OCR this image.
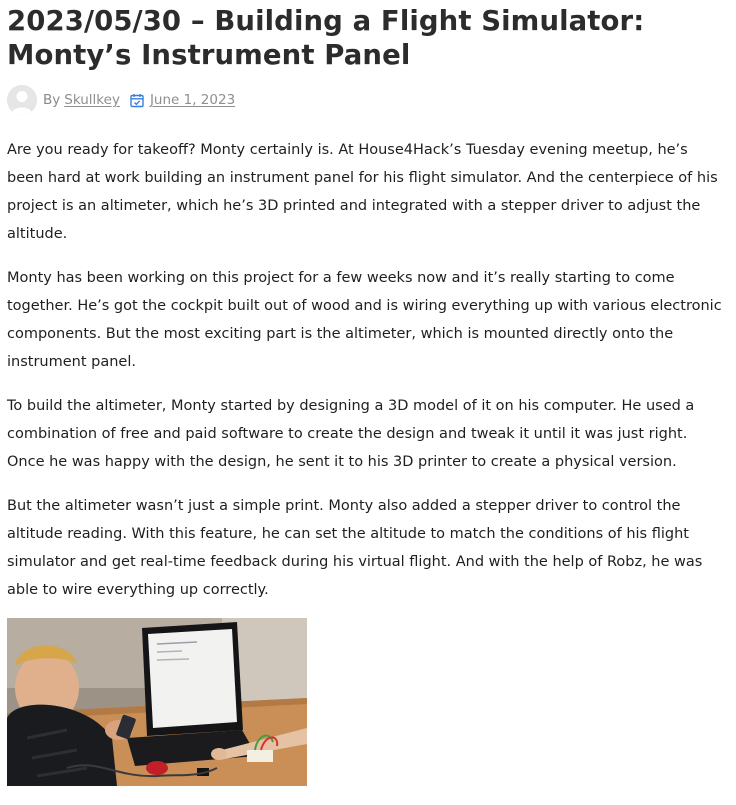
2023/05/30 – Building a Flight Simulator: Monty’s Instrument Panel
By Skullkey June 1, 2023

Are you ready for takeoff? Monty certainly is. At House4Hack’s Tuesday evening meetup, he’s been hard at work building an instrument panel for his flight simulator. And the centerpiece of his project is an altimeter, which he’s 3D printed and integrated with a stepper driver to adjust the altitude.

Monty has been working on this project for a few weeks now and it’s really starting to come together. He’s got the cockpit built out of wood and is wiring everything up with various electronic components. But the most exciting part is the altimeter, which is mounted directly onto the instrument panel.

To build the altimeter, Monty started by designing a 3D model of it on his computer. He used a combination of free and paid software to create the design and tweak it until it was just right. Once he was happy with the design, he sent it to his 3D printer to create a physical version.

But the altimeter wasn’t just a simple print. Monty also added a stepper driver to control the altitude reading. With this feature, he can set the altitude to match the conditions of his flight simulator and get real-time feedback during his virtual flight. And with the help of Robz, he was able to wire everything up correctly.
